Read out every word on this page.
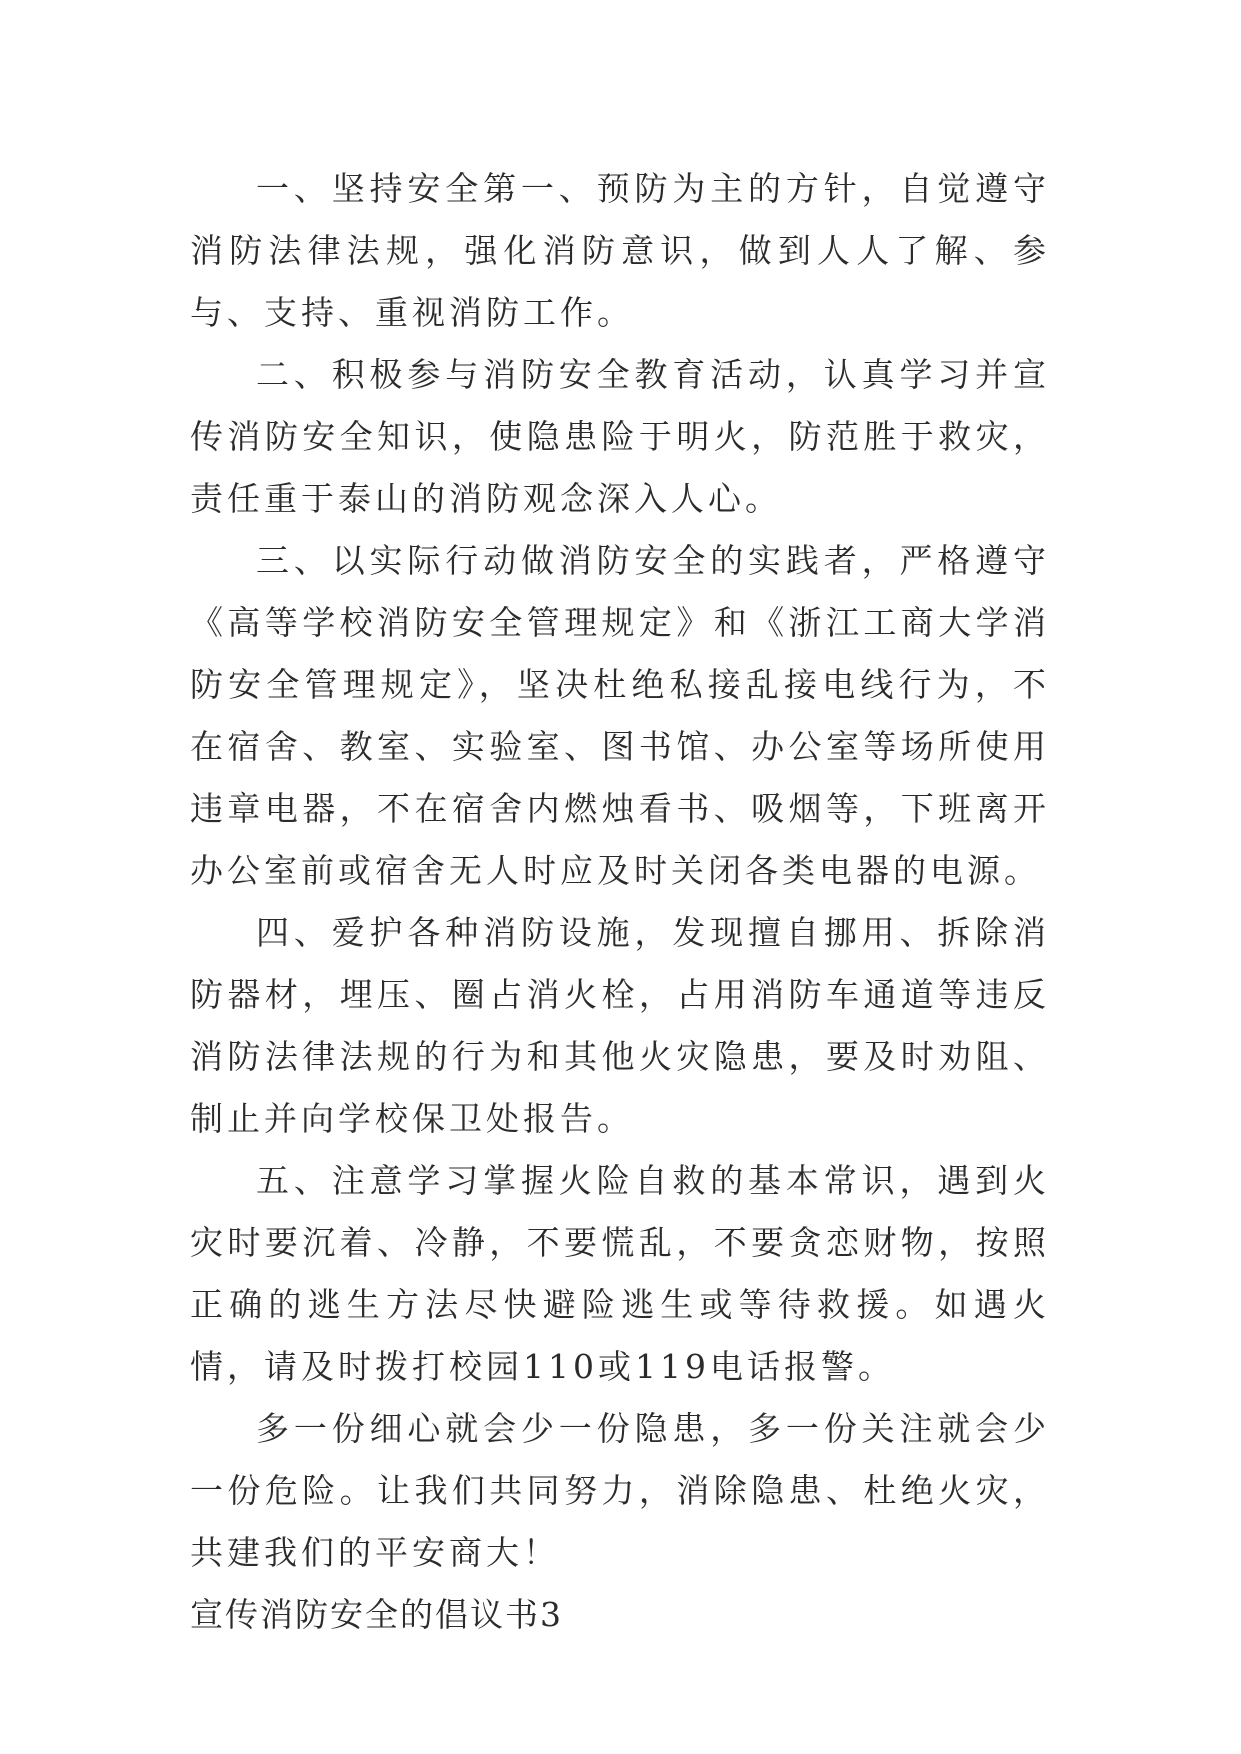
一、坚持安全第一、预防为主的方针，自觉遵守消防法律法规，强化消防意识，做到人人了解、参与、支持、重视消防工作。

二、积极参与消防安全教育活动，认真学习并宣传消防安全知识，使隐患险于明火，防范胜于救灾，责任重于泰山的消防观念深入人心。

三、以实际行动做消防安全的实践者，严格遵守《高等学校消防安全管理规定》和《浙江工商大学消防安全管理规定》，坚决杜绝私接乱接电线行为，不在宿舍、教室、实验室、图书馆、办公室等场所使用违章电器，不在宿舍内燃烛看书、吸烟等，下班离开办公室前或宿舍无人时应及时关闭各类电器的电源。

四、爱护各种消防设施，发现擅自挪用、拆除消防器材，埋压、圈占消火栓，占用消防车通道等违反消防法律法规的行为和其他火灾隐患，要及时劝阻、制止并向学校保卫处报告。

五、注意学习掌握火险自救的基本常识，遇到火灾时要沉着、冷静，不要慌乱，不要贪恋财物，按照正确的逃生方法尽快避险逃生或等待救援。如遇火情，请及时拨打校园110或119电话报警。

多一份细心就会少一份隐患，多一份关注就会少一份危险。让我们共同努力，消除隐患、杜绝火灾，共建我们的平安商大！

宣传消防安全的倡议书3
